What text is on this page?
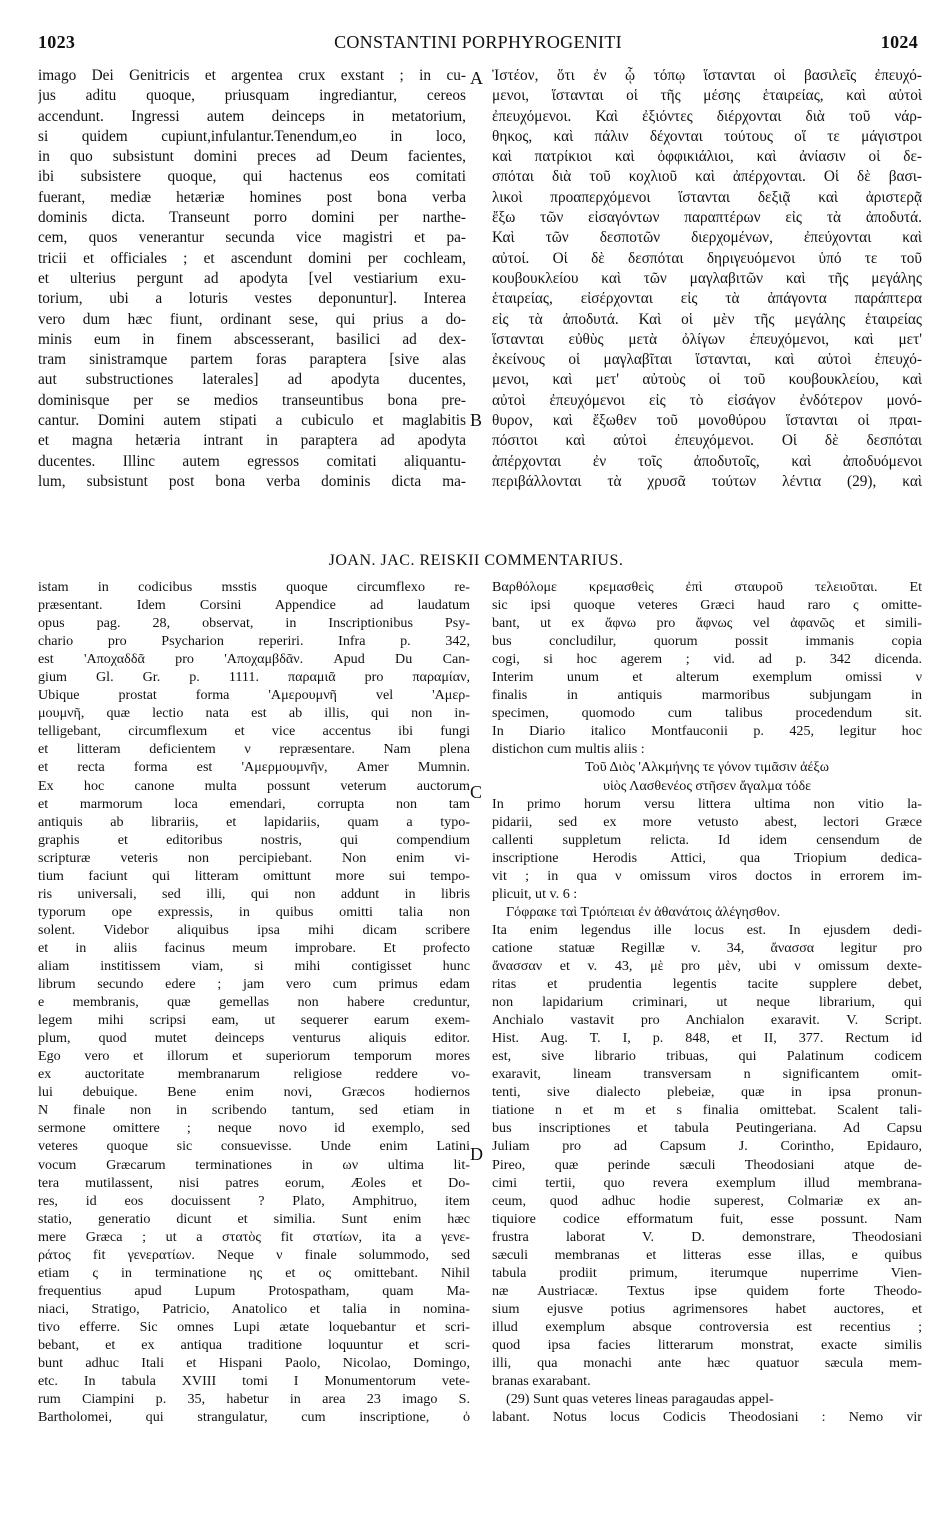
1023	CONSTANTINI PORPHYROGENITI	1024
A
B
C
D
imago Dei Genitricis et argentea crux exstant ; in cu-
jus aditu quoque, priusquam ingrediantur, cereos
accendunt. Ingressi autem deinceps in metatorium,
si quidem cupiunt,infulantur.Tenendum,eo in loco,
in quo subsistunt domini preces ad Deum facientes,
ibi subsistere quoque, qui hactenus eos comitati
fuerant, mediæ hetæriæ homines post bona verba
dominis dicta. Transeunt porro domini per narthe-
cem, quos venerantur secunda vice magistri et pa-
tricii et officiales ; et ascendunt domini per cochleam,
et ulterius pergunt ad apodyta [vel vestiarium exu-
torium, ubi a loturis vestes deponuntur]. Interea
vero dum hæc fiunt, ordinant sese, qui prius a do-
minis eum in finem abscesserant, basilici ad dex-
tram sinistramque partem foras paraptera [sive alas
aut substructiones laterales] ad apodyta ducentes,
dominisque per se medios transeuntibus bona pre-
cantur. Domini autem stipati a cubiculo et maglabitis
et magna hetæria intrant in paraptera ad apodyta
ducentes. Illinc autem egressos comitati aliquantu-
lum, subsistunt post bona verba dominis dicta ma-
Ἰστέον, ὅτι ἐν ᾧ τόπῳ ἵστανται οἱ βασιλεῖς ἐπευχό-
μενοι, ἵστανται οἱ τῆς μέσης ἑταιρείας, καὶ αὐτοὶ
ἐπευχόμενοι. Καὶ ἐξιόντες διέρχονται διὰ τοῦ νάρ-
θηκος, καὶ πάλιν δέχονται τούτους οἵ τε μάγιστροι
καὶ πατρίκιοι καὶ ὀφφικιάλιοι, καὶ ἀνίασιν οἱ δε-
σπόται διὰ τοῦ κοχλιοῦ καὶ ἀπέρχονται. Οἱ δὲ βασι-
λικοὶ προαπερχόμενοι ἵστανται δεξιᾷ καὶ ἀριστερᾷ
ἔξω τῶν εἰσαγόντων παραπτέρων εἰς τὰ ἀποδυτά.
Καὶ τῶν δεσποτῶν διερχομένων, ἐπεύχονται καὶ
αὐτοί. Οἱ δὲ δεσπόται δηριγευόμενοι ὑπό τε τοῦ
κουβουκλείου καὶ τῶν μαγλαβιτῶν καὶ τῆς μεγάλης
ἑταιρείας, εἰσέρχονται εἰς τὰ ἀπάγοντα παράπτερα
εἰς τὰ ἀποδυτά. Καὶ οἱ μὲν τῆς μεγάλης ἑταιρείας
ἵστανται εὐθὺς μετὰ ὀλίγων ἐπευχόμενοι, καὶ μετ'
ἐκείνους οἱ μαγλαβῖται ἵστανται, καὶ αὐτοὶ ἐπευχό-
μενοι, καὶ μετ' αὐτοὺς οἱ τοῦ κουβουκλείου, καὶ
αὐτοὶ ἐπευχόμενοι εἰς τὸ εἰσάγον ἐνδότερον μονό-
θυρον, καὶ ἔξωθεν τοῦ μονοθύρου ἵστανται οἱ πραι-
πόσιτοι καὶ αὐτοὶ ἐπευχόμενοι. Οἱ δὲ δεσπόται
ἀπέρχονται ἐν τοῖς ἀποδυτοῖς, καὶ ἀποδυόμενοι
περιβάλλονται τὰ χρυσᾶ τούτων λέντια (29), καὶ
JOAN. JAC. REISKII COMMENTARIUS.
istam in codicibus msstis quoque circumflexo re-
præsentant. Idem Corsini Appendice ad laudatum
opus pag. 28, observat, in Inscriptionibus Psy-
chario pro Psycharion reperiri. Infra p. 342,
est 'Αποχαδδᾶ pro 'Αποχαμβδᾶν. Apud Du Can-
gium Gl. Gr. p. 1111. παραμιᾶ pro παραμίαν,
Ubique prostat forma 'Αμερουμνῆ vel 'Αμερ-
μουμνῆ, quæ lectio nata est ab illis, qui non in-
telligebant, circumflexum et vice accentus ibi fungi
et litteram deficientem ν repræsentare. Nam plena
et recta forma est 'Αμερμουμνῆν, Amer Mumnin.
Ex hoc canone multa possunt veterum auctorum
et marmorum loca emendari, corrupta non tam
antiquis ab librariis, et lapidariis, quam a typo-
graphis et editoribus nostris, qui compendium
scripturæ veteris non percipiebant. Non enim vi-
tium faciunt qui litteram omittunt more sui tempo-
ris universali, sed illi, qui non addunt in libris
typorum ope expressis, in quibus omitti talia non
solent. Videbor aliquibus ipsa mihi dicam scribere
et in aliis facinus meum improbare. Et profecto
aliam institissem viam, si mihi contigisset hunc
librum secundo edere ; jam vero cum primus edam
e membranis, quæ gemellas non habere creduntur,
legem mihi scripsi eam, ut sequerer earum exem-
plum, quod mutet deinceps venturus aliquis editor.
Ego vero et illorum et superiorum temporum mores
ex auctoritate membranarum religiose reddere vo-
lui debuique. Bene enim novi, Græcos hodiernos
N finale non in scribendo tantum, sed etiam in
sermone omittere ; neque novo id exemplo, sed
veteres quoque sic consuevisse. Unde enim Latini
vocum Græcarum terminationes in ων ultima lit-
tera mutilassent, nisi patres eorum, Æoles et Do-
res, id eos docuissent ? Plato, Amphitruo, item
statio, generatio dicunt et similia. Sunt enim hæc
mere Græca ; ut a στατὸς fit στατίων, ita a γενε-
ράτος fit γενερατίων. Neque ν finale solummodo, sed
etiam ς in terminatione ης et ος omittebant. Nihil
frequentius apud Lupum Protospatham, quam Ma-
niaci, Stratigo, Patricio, Anatolico et talia in nomina-
tivo efferre. Sic omnes Lupi ætate loquebantur et scri-
bebant, et ex antiqua traditione loquuntur et scri-
bunt adhuc Itali et Hispani Paolo, Nicolao, Domingo,
etc. In tabula XVIII tomi I Monumentorum vete-
rum Ciampini p. 35, habetur in area 23 imago S.
Bartholomei, qui strangulatur, cum inscriptione, ὁ
Βαρθόλομε κρεμασθεὶς ἐπὶ σταυροῦ τελειοῦται. Et
sic ipsi quoque veteres Græci haud raro ς omitte-
bant, ut ex ἄφνω pro ἄφνως vel ἀφανῶς et simili-
bus concludilur, quorum possit immanis copia
cogi, si hoc agerem ; vid. ad p. 342 dicenda.
Interim unum et alterum exemplum omissi ν
finalis in antiquis marmoribus subjungam in
specimen, quomodo cum talibus procedendum sit.
In Diario italico Montfauconii p. 425, legitur hoc
distichon cum multis aliis :
Τοῦ Διὸς 'Αλκμήνης τε γόνον τιμᾶσιν ἀέξω
υἱὸς Λασθενέος στῆσεν ἄγαλμα τόδε
In primo horum versu littera ultima non vitio la-
pidarii, sed ex more vetusto abest, lectori Græce
callenti suppletum relicta. Id idem censendum de
inscriptione Herodis Attici, qua Triopium dedica-
vit ; in qua ν omissum viros doctos in errorem im-
plicuit, ut v. 6 :
Γόφρακε ταὶ Τριόπειαι ἐν ἀθανάτοις ἀλέγησθον.
Ita enim legendus ille locus est. In ejusdem dedi-
catione statuæ Regillæ v. 34, ἄνασσα legitur pro
ἄνασσαν et v. 43, μὲ pro μὲν, ubi ν omissum dexte-
ritas et prudentia legentis tacite supplere debet,
non lapidarium criminari, ut neque librarium, qui
Anchialo vastavit pro Anchialon exaravit. V. Script.
Hist. Aug. T. I, p. 848, et II, 377. Rectum id
est, sive librario tribuas, qui Palatinum codicem
exaravit, lineam transversam n significantem omit-
tenti, sive dialecto plebeiæ, quæ in ipsa pronun-
tiatione n et m et s finalia omittebat. Scalent tali-
bus inscriptiones et tabula Peutingeriana. Ad Capsu
Juliam pro ad Capsum J. Corintho, Epidauro,
Pireo, quæ perinde sæculi Theodosiani atque de-
cimi tertii, quo revera exemplum illud membrana-
ceum, quod adhuc hodie superest, Colmariæ ex an-
tiquiore codice efformatum fuit, esse possunt. Nam
frustra laborat V. D. demonstrare, Theodosiani
sæculi membranas et litteras esse illas, e quibus
tabula prodiit primum, iterumque nuperrime Vien-
næ Austriacæ. Textus ipse quidem forte Theodo-
sium ejusve potius agrimensores habet auctores, et
illud exemplum absque controversia est recentius ;
quod ipsa facies litterarum monstrat, exacte similis
illi, qua monachi ante hæc quatuor sæcula mem-
branas exarabant.
(29) Sunt quas veteres lineas paragaudas appel-
labant. Notus locus Codicis Theodosiani : Nemo vir
